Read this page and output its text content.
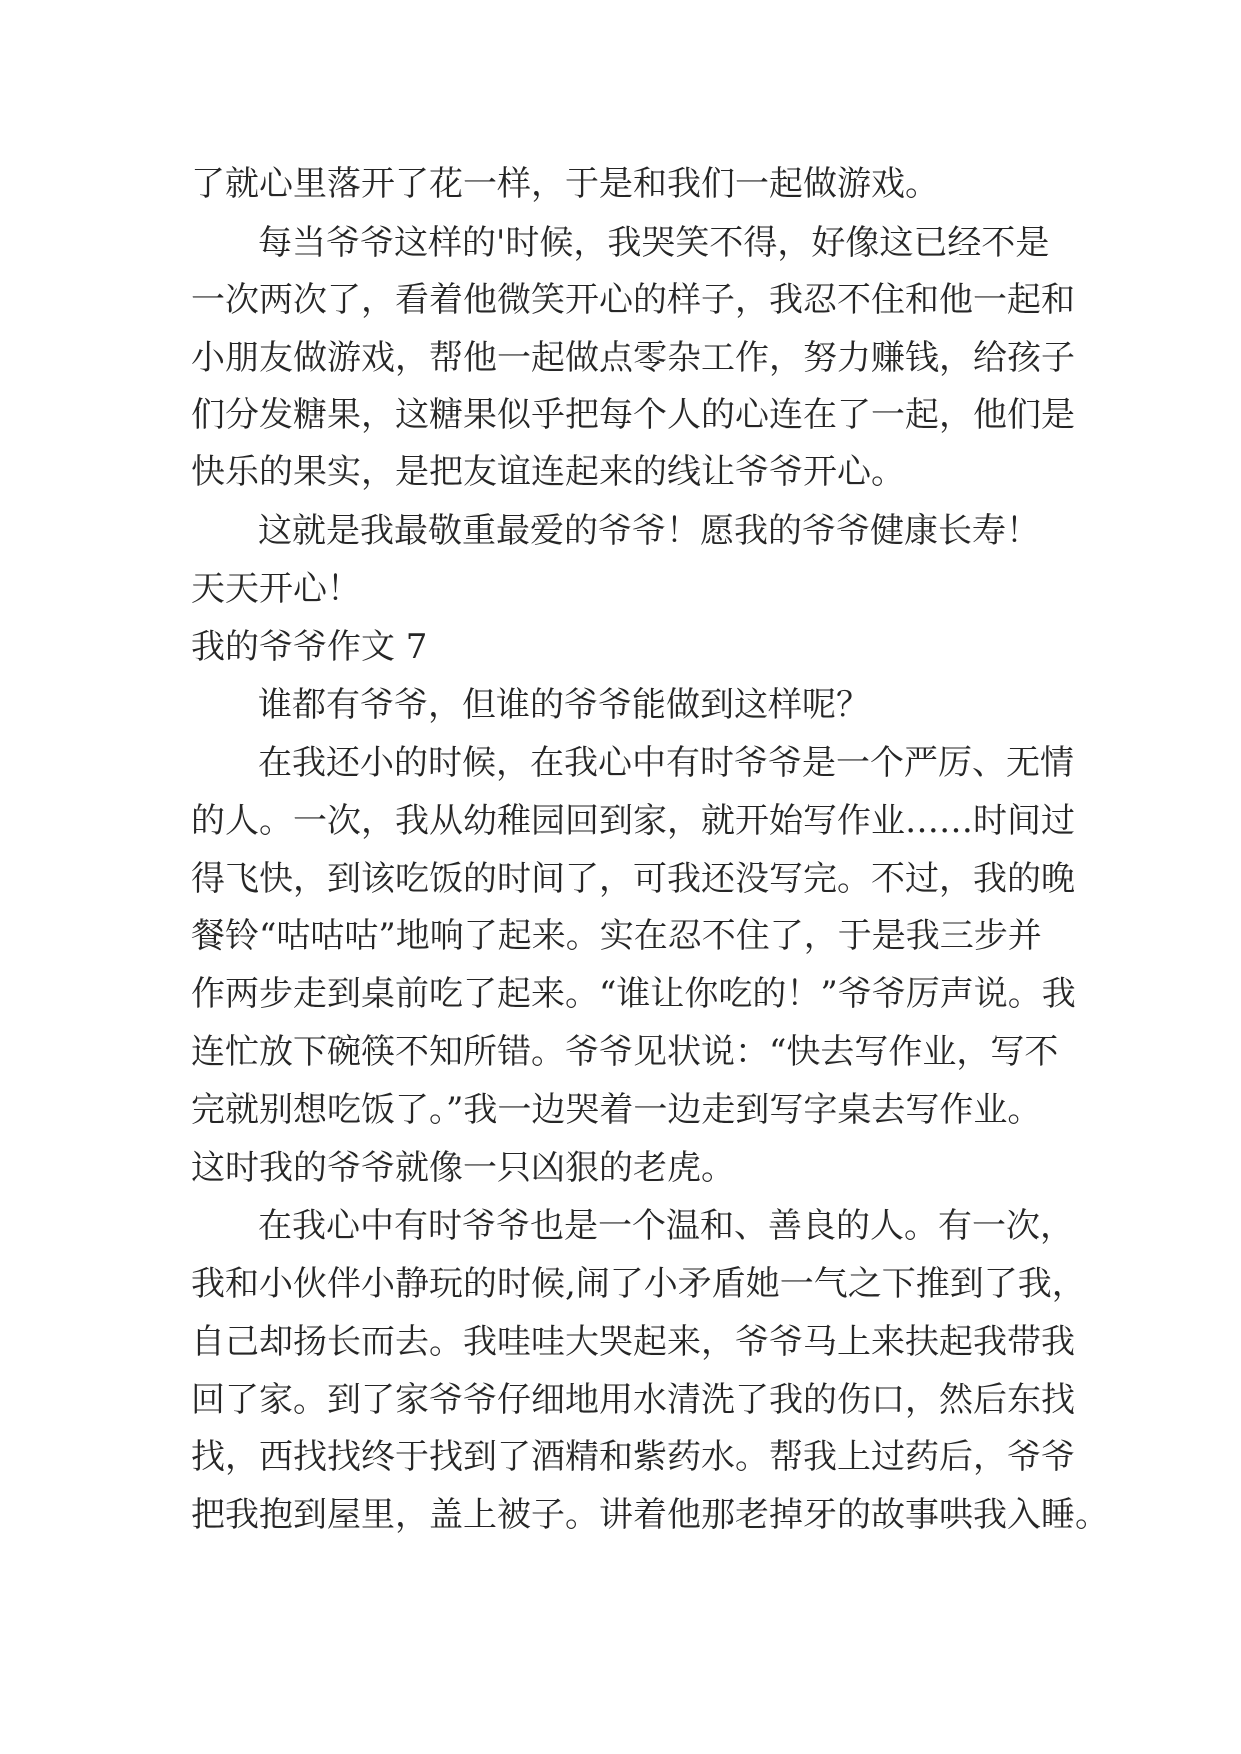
了就心里落开了花一样，于是和我们一起做游戏。
每当爷爷这样的'时候，我哭笑不得，好像这已经不是
一次两次了，看着他微笑开心的样子，我忍不住和他一起和
小朋友做游戏，帮他一起做点零杂工作，努力赚钱，给孩子
们分发糖果，这糖果似乎把每个人的心连在了一起，他们是
快乐的果实，是把友谊连起来的线让爷爷开心。
这就是我最敬重最爱的爷爷！愿我的爷爷健康长寿！
天天开心！
我的爷爷作文 7
谁都有爷爷，但谁的爷爷能做到这样呢？
在我还小的时候，在我心中有时爷爷是一个严厉、无情
的人。一次，我从幼稚园回到家，就开始写作业……时间过
得飞快，到该吃饭的时间了，可我还没写完。不过，我的晚
餐铃“咕咕咕”地响了起来。实在忍不住了，于是我三步并
作两步走到桌前吃了起来。“谁让你吃的！”爷爷厉声说。我
连忙放下碗筷不知所错。爷爷见状说：“快去写作业，写不
完就别想吃饭了。”我一边哭着一边走到写字桌去写作业。
这时我的爷爷就像一只凶狠的老虎。
在我心中有时爷爷也是一个温和、善良的人。有一次，
我和小伙伴小静玩的时候,闹了小矛盾她一气之下推到了我，
自己却扬长而去。我哇哇大哭起来，爷爷马上来扶起我带我
回了家。到了家爷爷仔细地用水清洗了我的伤口，然后东找
找，西找找终于找到了酒精和紫药水。帮我上过药后，爷爷
把我抱到屋里，盖上被子。讲着他那老掉牙的故事哄我入睡。
